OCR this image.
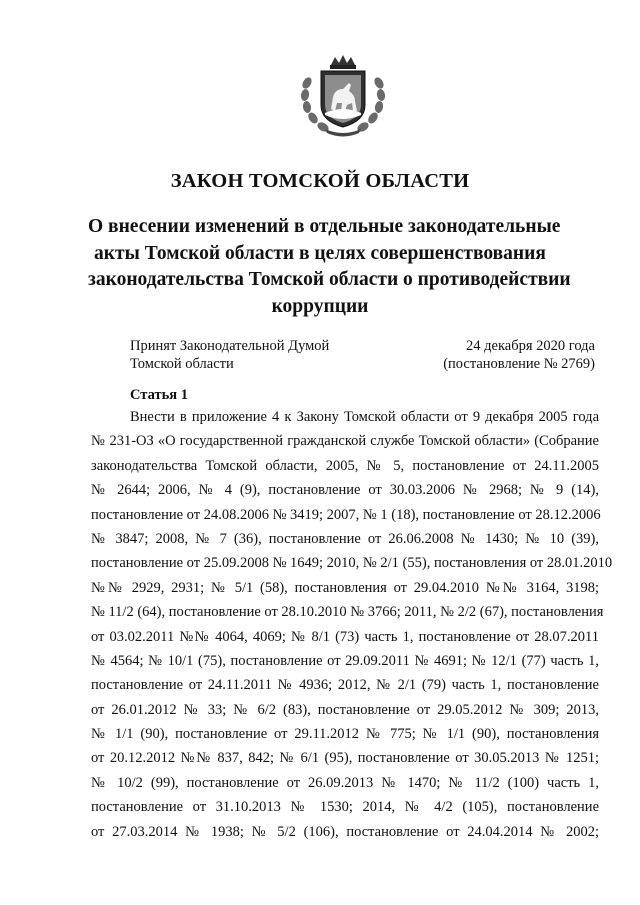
ЗАКОН ТОМСКОЙ ОБЛАСТИ
О внесении изменений в отдельные законодательные
акты Томской области в целях совершенствования
законодательства Томской области о противодействии
коррупции
Принят Законодательной Думой
Томской области
24 декабря 2020 года
(постановление № 2769)
Статья 1
Внести в приложение 4 к Закону Томской области от 9 декабря 2005 года
№ 231-ОЗ «О государственной гражданской службе Томской области» (Собрание
законодательства Томской области, 2005, № 5, постановление от 24.11.2005
№ 2644; 2006, № 4 (9), постановление от 30.03.2006 № 2968; № 9 (14),
постановление от 24.08.2006 № 3419; 2007, № 1 (18), постановление от 28.12.2006
№ 3847; 2008, № 7 (36), постановление от 26.06.2008 № 1430; № 10 (39),
постановление от 25.09.2008 № 1649; 2010, № 2/1 (55), постановления от 28.01.2010
№№ 2929, 2931; № 5/1 (58), постановления от 29.04.2010 №№ 3164, 3198;
№ 11/2 (64), постановление от 28.10.2010 № 3766; 2011, № 2/2 (67), постановления
от 03.02.2011 №№ 4064, 4069; № 8/1 (73) часть 1, постановление от 28.07.2011
№ 4564; № 10/1 (75), постановление от 29.09.2011 № 4691; № 12/1 (77) часть 1,
постановление от 24.11.2011 № 4936; 2012, № 2/1 (79) часть 1, постановление
от 26.01.2012 № 33; № 6/2 (83), постановление от 29.05.2012 № 309; 2013,
№ 1/1 (90), постановление от 29.11.2012 № 775; № 1/1 (90), постановления
от 20.12.2012 №№ 837, 842; № 6/1 (95), постановление от 30.05.2013 № 1251;
№ 10/2 (99), постановление от 26.09.2013 № 1470; № 11/2 (100) часть 1,
постановление от 31.10.2013 № 1530; 2014, № 4/2 (105), постановление
от 27.03.2014 № 1938; № 5/2 (106), постановление от 24.04.2014 № 2002;
